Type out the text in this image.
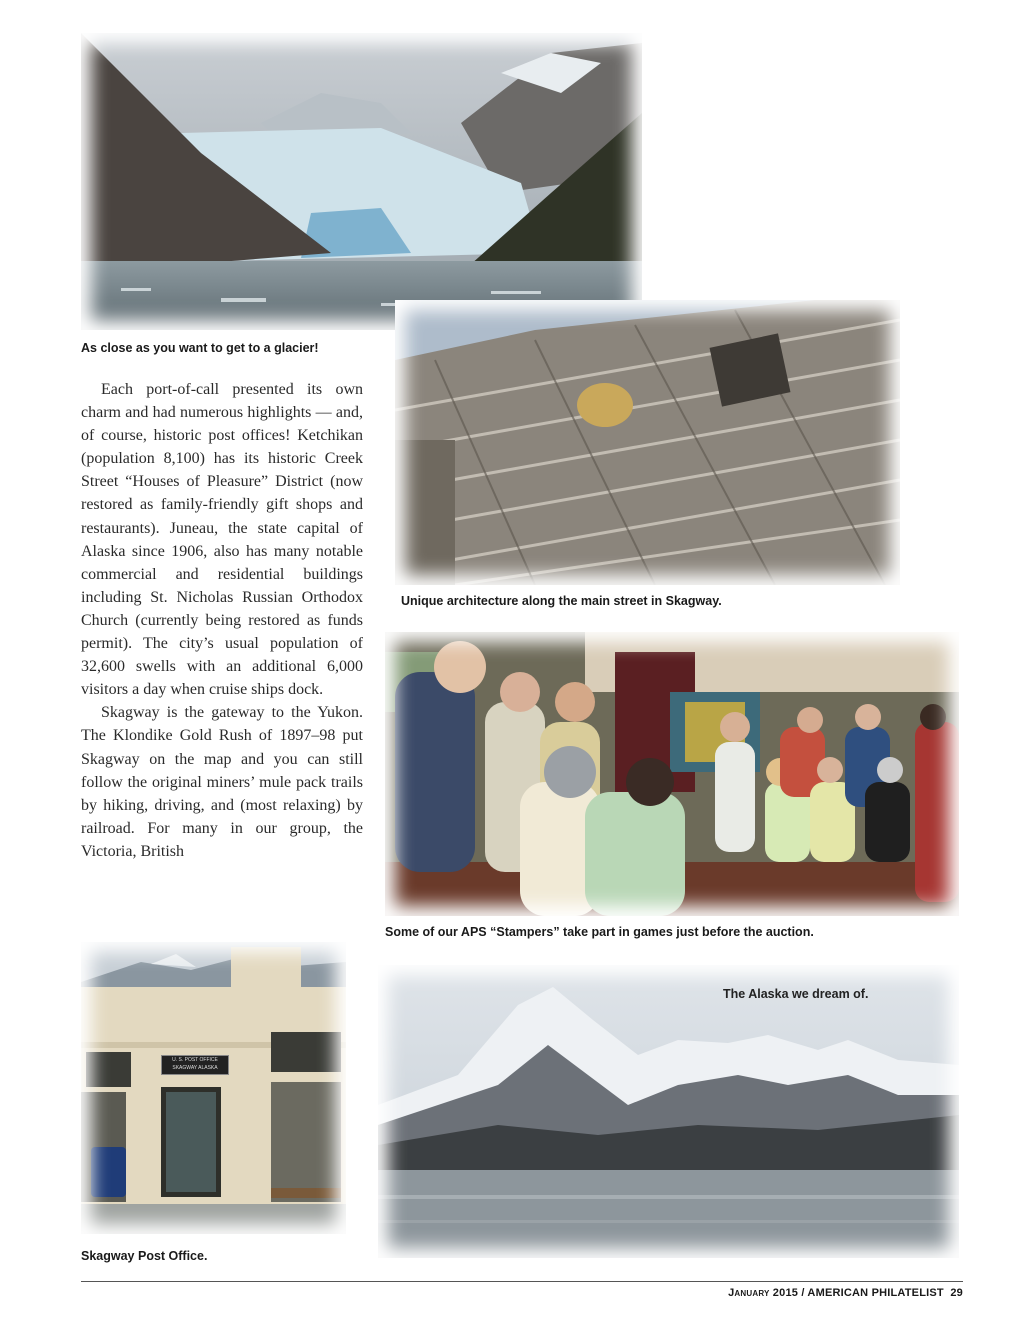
As close as you want to get to a glacier!
Unique architecture along the main street in Skagway.

Each port-of-call presented its own charm and had numerous highlights — and, of course, historic post offices! Ketchikan (population 8,100) has its historic Creek Street “Houses of Pleasure” District (now restored as family-friendly gift shops and restaurants). Juneau, the state capital of Alaska since 1906, also has many notable commercial and residential buildings including St. Nicholas Russian Orthodox Church (currently being restored as funds permit). The city’s usual population of 32,600 swells with an additional 6,000 visitors a day when cruise ships dock.

Skagway is the gateway to the Yukon. The Klondike Gold Rush of 1897–98 put Skagway on the map and you can still follow the original miners’ mule pack trails by hiking, driving, and (most relaxing) by railroad. For many in our group, the Victoria, British

Some of our APS “Stampers” take part in games just before the auction.
U. S. POST OFFICE
SKAGWAY ALASKA
Skagway Post Office.
The Alaska we dream of.
January 2015 / AMERICAN PHILATELIST 29
